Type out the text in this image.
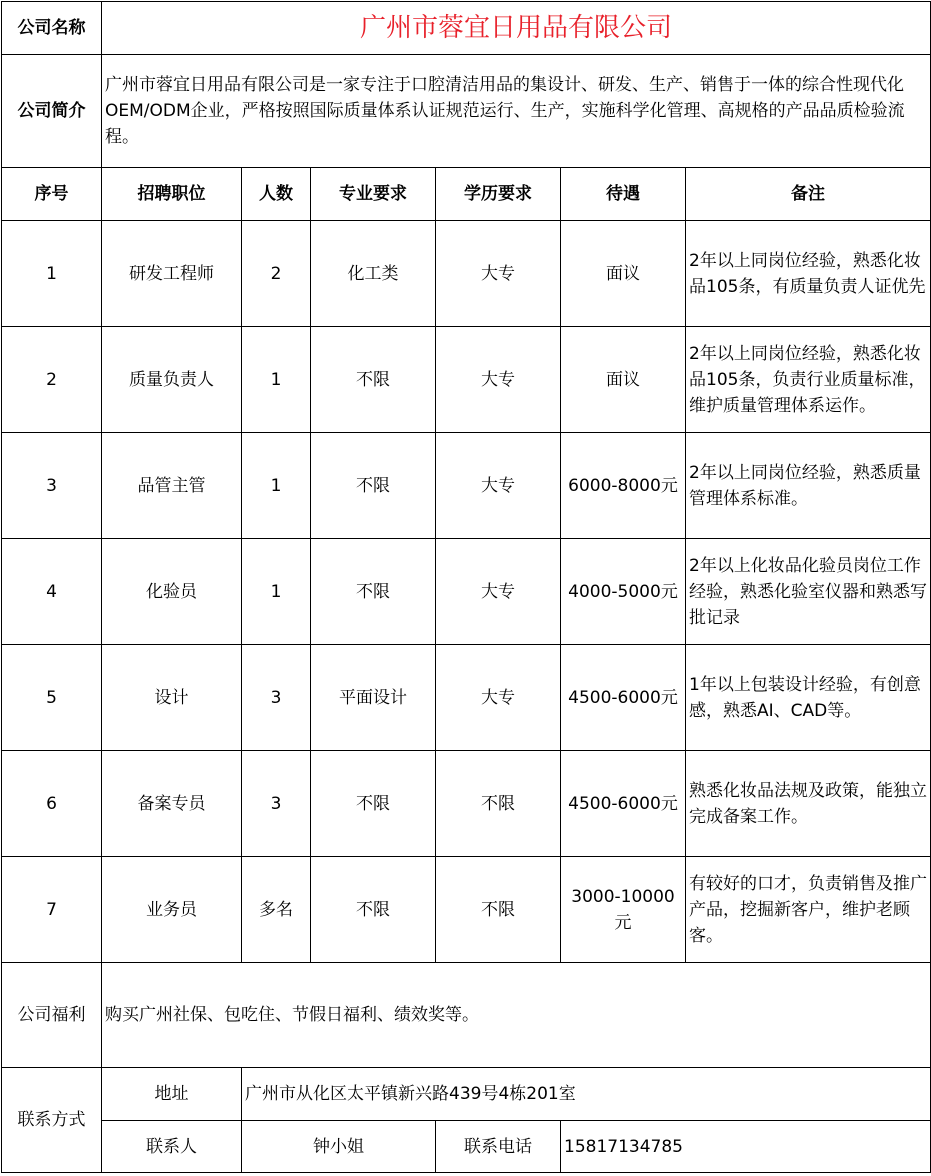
公司名称	广州市蓉宜日用品有限公司					
公司简介	广州市蓉宜日用品有限公司是一家专注于口腔清洁用品的集设计、研发、生产、销售于一体的综合性现代化OEM/ODM企业，严格按照国际质量体系认证规范运行、生产，实施科学化管理、高规格的产品品质检验流程。					
序号	招聘职位	人数	专业要求	学历要求	待遇	备注
1	研发工程师	2	化工类	大专	面议	2年以上同岗位经验，熟悉化妆品105条，有质量负责人证优先
2	质量负责人	1	不限	大专	面议	2年以上同岗位经验，熟悉化妆品105条，负责行业质量标准，维护质量管理体系运作。
3	品管主管	1	不限	大专	6000-8000元	2年以上同岗位经验，熟悉质量管理体系标准。
4	化验员	1	不限	大专	4000-5000元	2年以上化妆品化验员岗位工作经验，熟悉化验室仪器和熟悉写批记录
5	设计	3	平面设计	大专	4500-6000元	1年以上包装设计经验，有创意感，熟悉AI、CAD等。
6	备案专员	3	不限	不限	4500-6000元	熟悉化妆品法规及政策，能独立完成备案工作。
7	业务员	多名	不限	不限	3000-10000元	有较好的口才，负责销售及推广产品，挖掘新客户，维护老顾客。
公司福利	购买广州社保、包吃住、节假日福利、绩效奖等。					
联系方式	地址	广州市从化区太平镇新兴路439号4栋201室				
	联系人	钟小姐		联系电话	15817134785	
